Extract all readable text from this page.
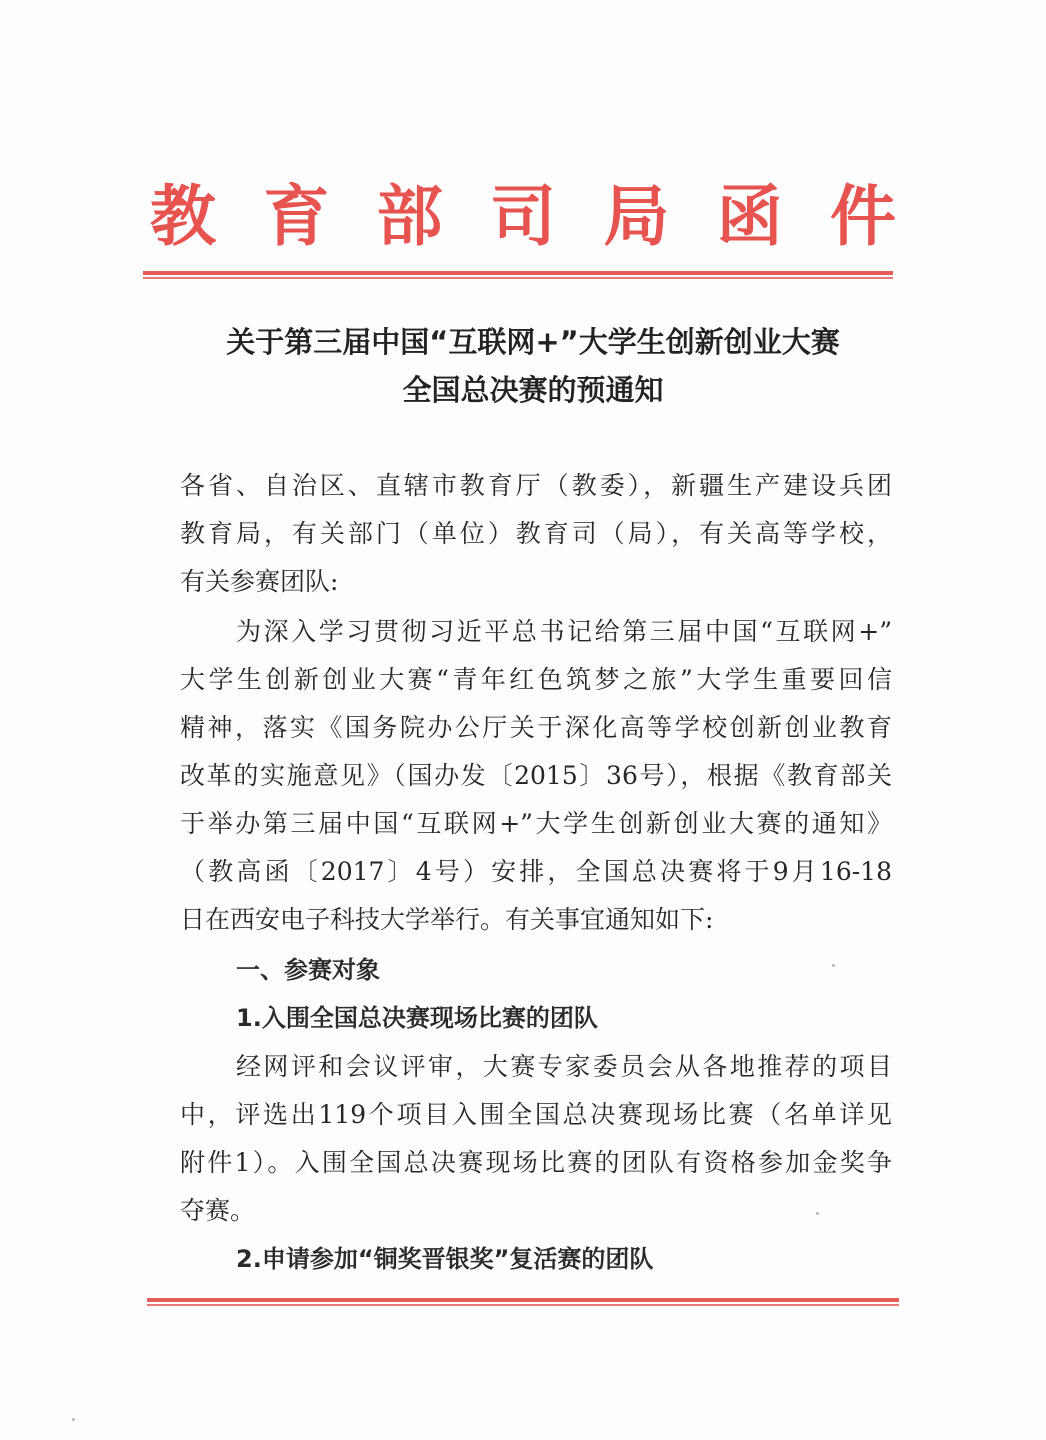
教 育 部 司 局 函 件
关于第三届中国“互联网+”大学生创新创业大赛
全国总决赛的预通知
各省、自治区、直辖市教育厅（教委），新疆生产建设兵团
教育局，有关部门（单位）教育司（局），有关高等学校，
有关参赛团队:
为深入学习贯彻习近平总书记给第三届中国“互联网+”
大学生创新创业大赛“青年红色筑梦之旅”大学生重要回信
精神，落实《国务院办公厅关于深化高等学校创新创业教育
改革的实施意见》（国办发〔2015〕36号），根据《教育部关
于举办第三届中国“互联网+”大学生创新创业大赛的通知》
（教高函〔2017〕4号）安排，全国总决赛将于9月16-18
日在西安电子科技大学举行。有关事宜通知如下:
一、参赛对象
1.入围全国总决赛现场比赛的团队
经网评和会议评审，大赛专家委员会从各地推荐的项目
中，评选出119个项目入围全国总决赛现场比赛（名单详见
附件1）。入围全国总决赛现场比赛的团队有资格参加金奖争
夺赛。
2.申请参加“铜奖晋银奖”复活赛的团队
